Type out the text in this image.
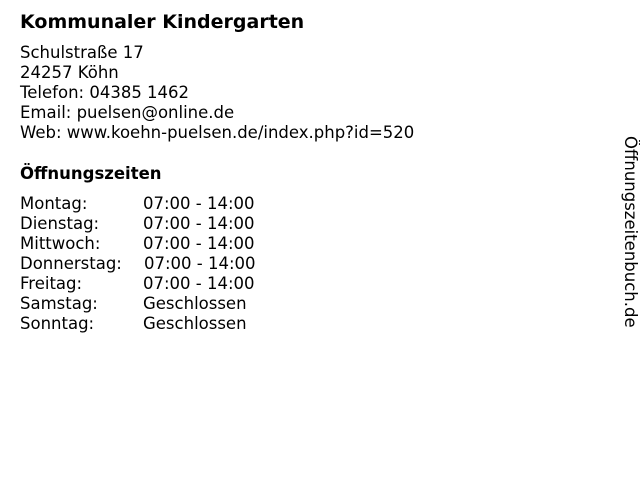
Kommunaler Kindergarten
Schulstraße 17
24257 Köhn
Telefon: 04385 1462
Email: puelsen@online.de
Web: www.koehn-puelsen.de/index.php?id=520
Öffnungszeiten
Montag:	07:00 - 14:00
Dienstag:	07:00 - 14:00
Mittwoch:	07:00 - 14:00
Donnerstag: 07:00 - 14:00
Freitag:	07:00 - 14:00
Samstag:	Geschlossen
Sonntag:	Geschlossen	Öffnungszeitenbuch.de
